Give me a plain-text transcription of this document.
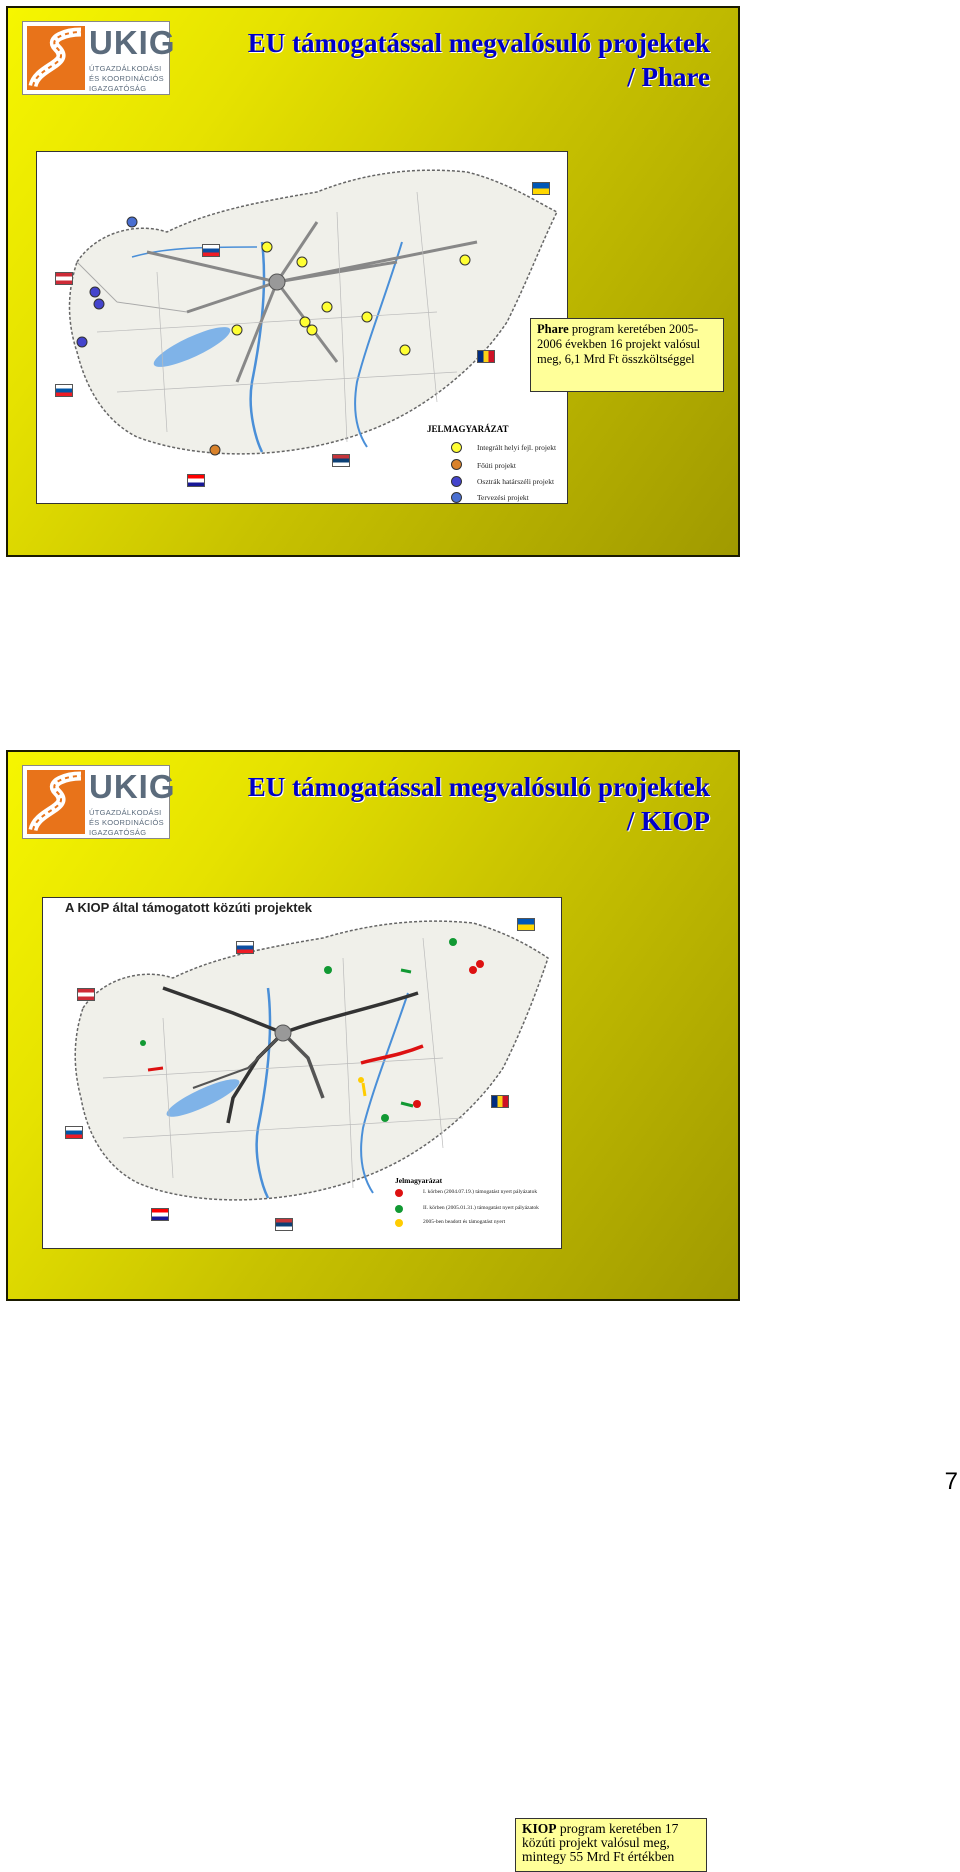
UKIG
ÚTGAZDÁLKODÁSI
ÉS KOORDINÁCIÓS
IGAZGATÓSÁG
EU támogatással megvalósuló projektek
/ Phare
JELMAGYARÁZAT
Integrált helyi fejl. projekt
Főúti projekt
Osztrák határszéli projekt
Tervezési projekt
Phare program keretében 2005-2006 években 16 projekt valósul meg, 6,1 Mrd Ft összköltséggel
UKIG
ÚTGAZDÁLKODÁSI
ÉS KOORDINÁCIÓS
IGAZGATÓSÁG
EU támogatással megvalósuló projektek
/ KIOP
A KIOP által támogatott közúti projektek
Jelmagyarázat
I. körben (2004.07.19.) támogatást nyert pályázatok
II. körben (2005.01.31.) támogatást nyert pályázatok
2005-ben beadott és támogatást nyert
KIOP program keretében 17 közúti projekt valósul meg, mintegy 55 Mrd Ft értékben
7
